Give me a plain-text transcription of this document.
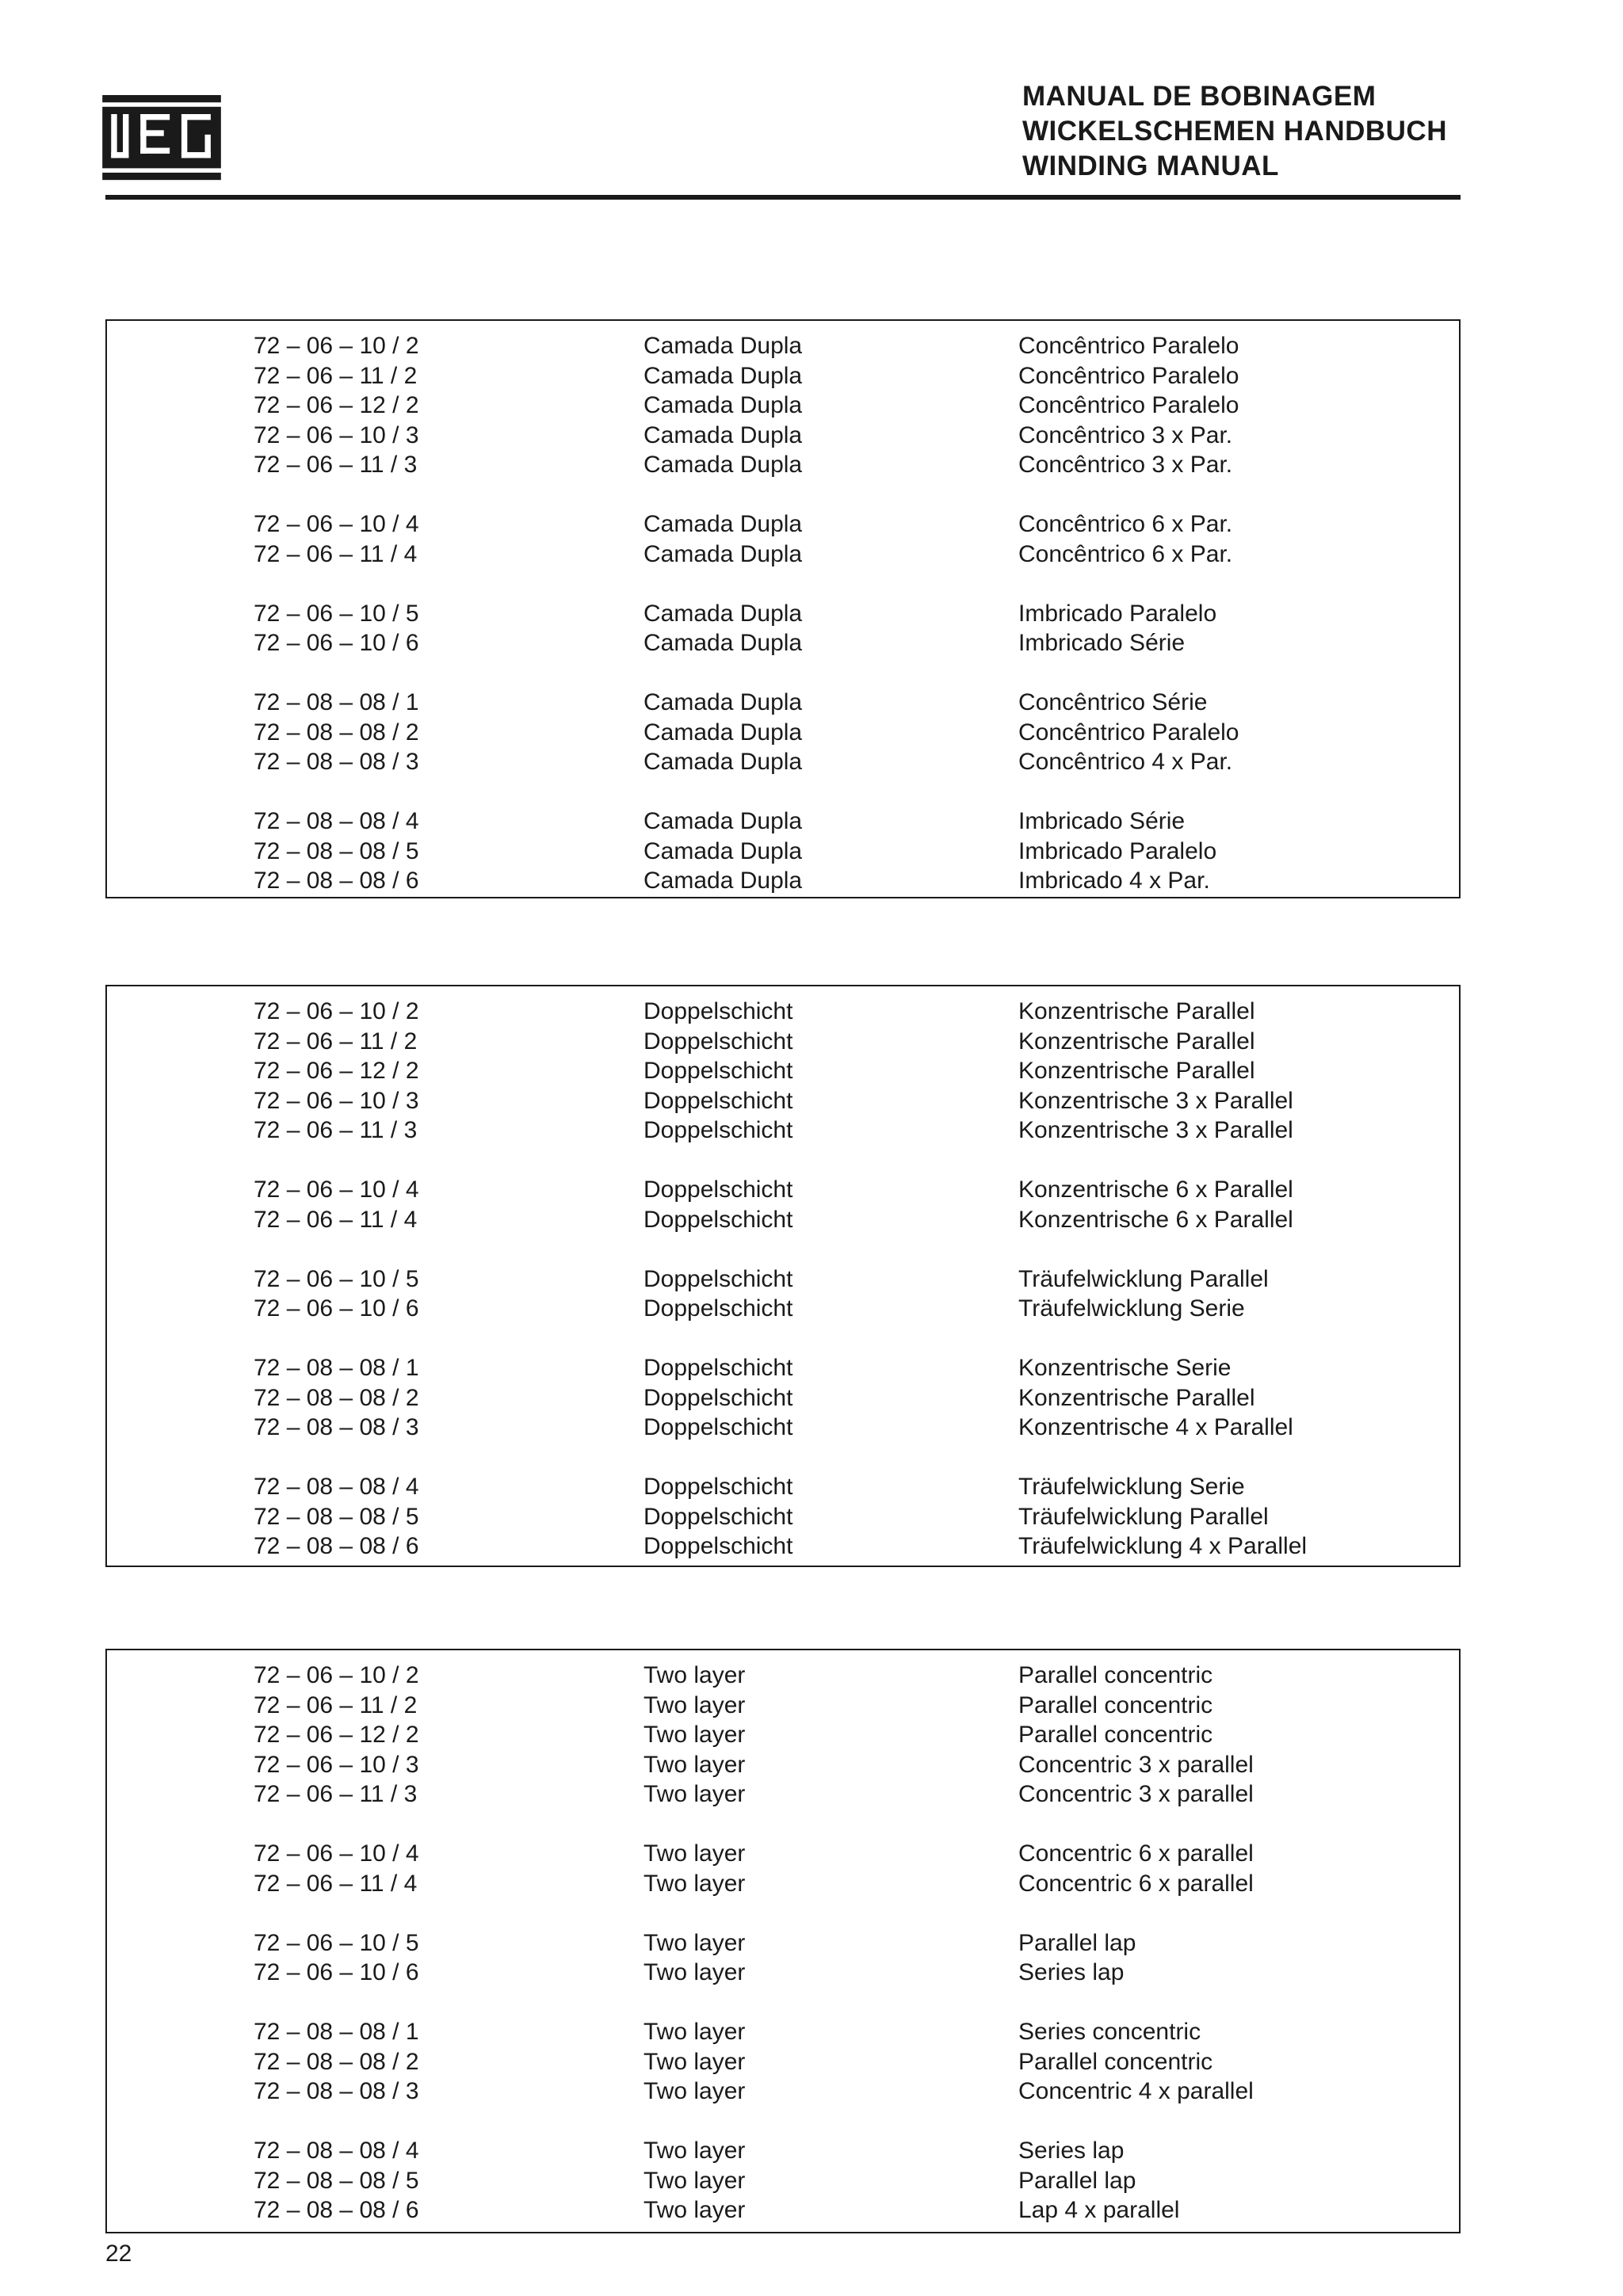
MANUAL DE BOBINAGEM
WICKELSCHEMEN HANDBUCH
WINDING MANUAL
72 – 06 – 10 / 2	Camada Dupla	Concêntrico Paralelo
72 – 06 – 11 / 2	Camada Dupla	Concêntrico Paralelo
72 – 06 – 12 / 2	Camada Dupla	Concêntrico Paralelo
72 – 06 – 10 / 3	Camada Dupla	Concêntrico 3 x Par.
72 – 06 – 11 / 3	Camada Dupla	Concêntrico 3 x Par.
72 – 06 – 10 / 4	Camada Dupla	Concêntrico 6 x Par.
72 – 06 – 11 / 4	Camada Dupla	Concêntrico 6 x Par.
72 – 06 – 10 / 5	Camada Dupla	Imbricado Paralelo
72 – 06 – 10 / 6	Camada Dupla	Imbricado Série
72 – 08 – 08 / 1	Camada Dupla	Concêntrico Série
72 – 08 – 08 / 2	Camada Dupla	Concêntrico Paralelo
72 – 08 – 08 / 3	Camada Dupla	Concêntrico 4 x Par.
72 – 08 – 08 / 4	Camada Dupla	Imbricado Série
72 – 08 – 08 / 5	Camada Dupla	Imbricado Paralelo
72 – 08 – 08 / 6	Camada Dupla	Imbricado 4 x Par.
72 – 06 – 10 / 2	Doppelschicht	Konzentrische Parallel
72 – 06 – 11 / 2	Doppelschicht	Konzentrische Parallel
72 – 06 – 12 / 2	Doppelschicht	Konzentrische Parallel
72 – 06 – 10 / 3	Doppelschicht	Konzentrische 3 x Parallel
72 – 06 – 11 / 3	Doppelschicht	Konzentrische 3 x Parallel
72 – 06 – 10 / 4	Doppelschicht	Konzentrische 6 x Parallel
72 – 06 – 11 / 4	Doppelschicht	Konzentrische 6 x Parallel
72 – 06 – 10 / 5	Doppelschicht	Träufelwicklung Parallel
72 – 06 – 10 / 6	Doppelschicht	Träufelwicklung Serie
72 – 08 – 08 / 1	Doppelschicht	Konzentrische Serie
72 – 08 – 08 / 2	Doppelschicht	Konzentrische Parallel
72 – 08 – 08 / 3	Doppelschicht	Konzentrische 4 x Parallel
72 – 08 – 08 / 4	Doppelschicht	Träufelwicklung Serie
72 – 08 – 08 / 5	Doppelschicht	Träufelwicklung Parallel
72 – 08 – 08 / 6	Doppelschicht	Träufelwicklung 4 x Parallel
72 – 06 – 10 / 2	Two layer	Parallel concentric
72 – 06 – 11 / 2	Two layer	Parallel concentric
72 – 06 – 12 / 2	Two layer	Parallel concentric
72 – 06 – 10 / 3	Two layer	Concentric 3 x parallel
72 – 06 – 11 / 3	Two layer	Concentric 3 x parallel
72 – 06 – 10 / 4	Two layer	Concentric 6 x parallel
72 – 06 – 11 / 4	Two layer	Concentric 6 x parallel
72 – 06 – 10 / 5	Two layer	Parallel lap
72 – 06 – 10 / 6	Two layer	Series lap
72 – 08 – 08 / 1	Two layer	Series concentric
72 – 08 – 08 / 2	Two layer	Parallel concentric
72 – 08 – 08 / 3	Two layer	Concentric 4 x parallel
72 – 08 – 08 / 4	Two layer	Series lap
72 – 08 – 08 / 5	Two layer	Parallel lap
72 – 08 – 08 / 6	Two layer	Lap 4 x parallel
22
